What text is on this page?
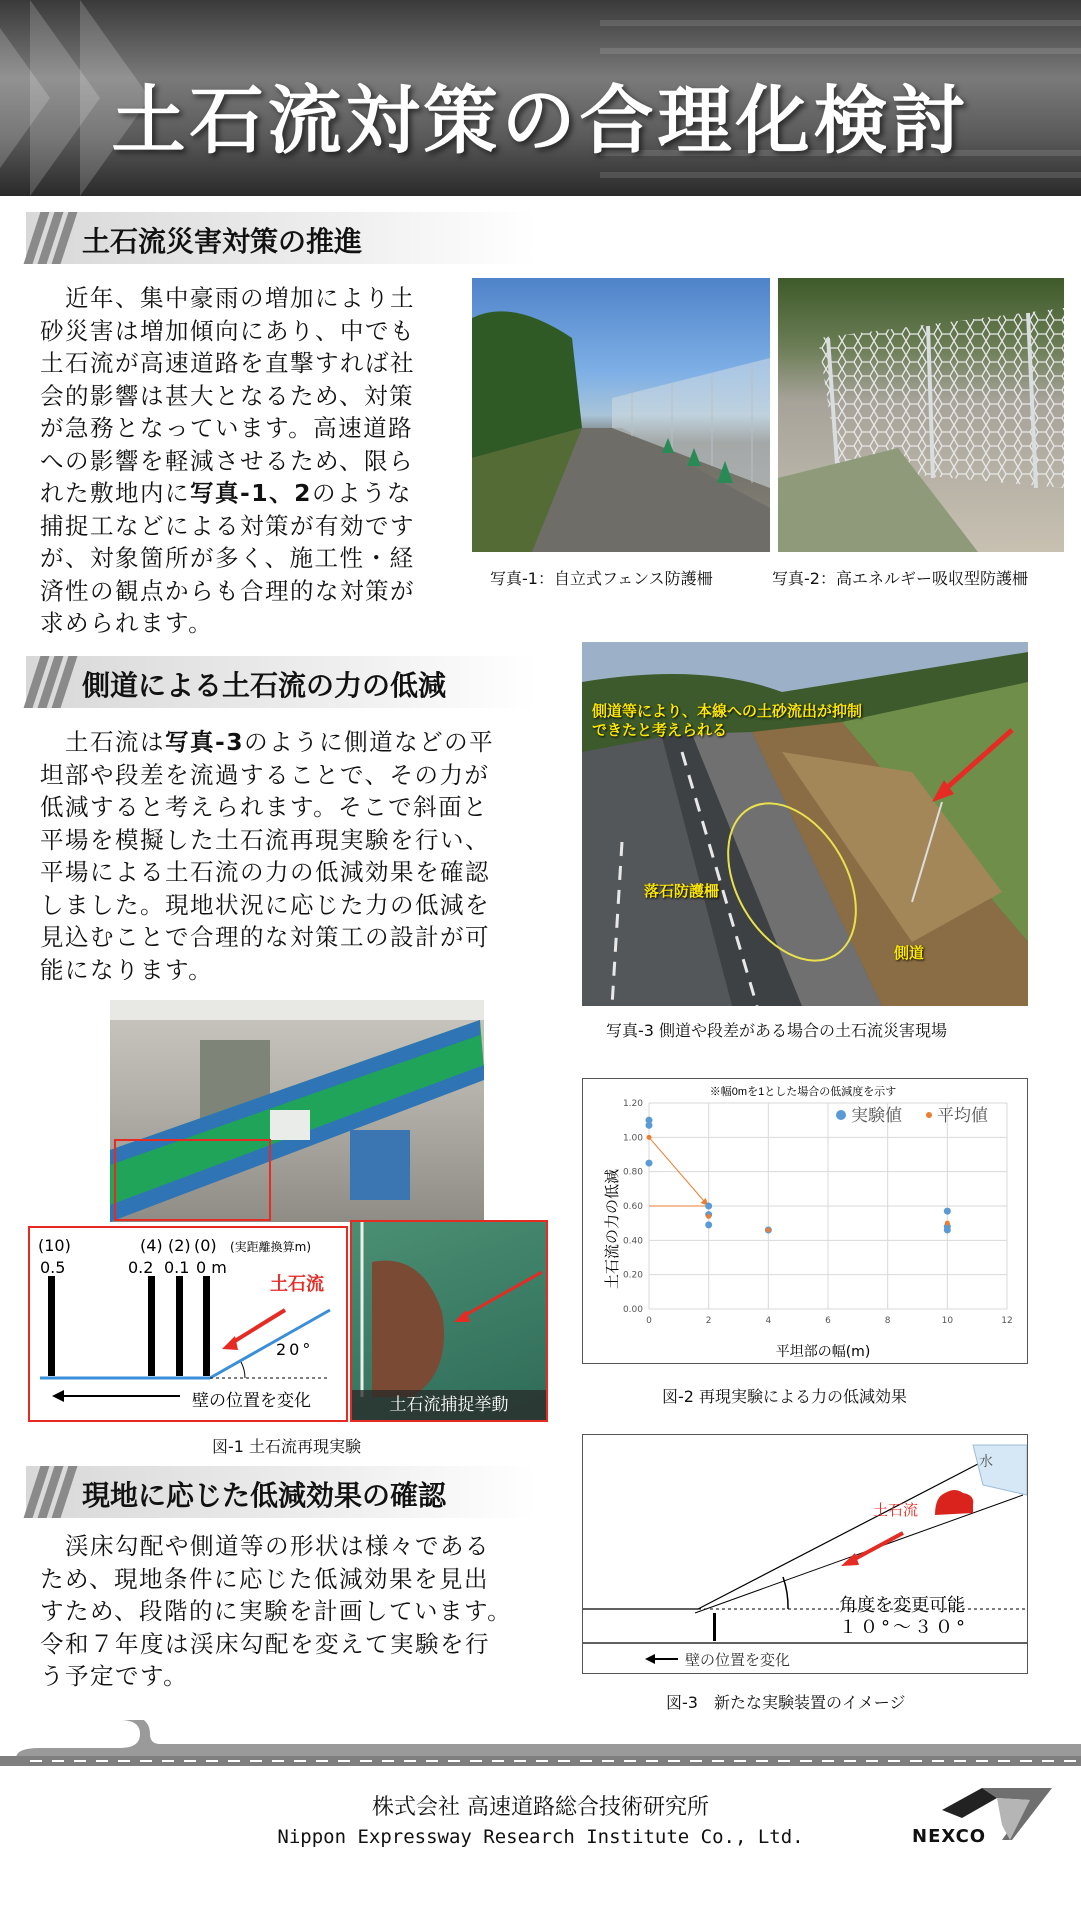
土石流対策の合理化検討
土石流災害対策の推進
　近年、集中豪雨の増加により土
砂災害は増加傾向にあり、中でも
土石流が高速道路を直撃すれば社
会的影響は甚大となるため、対策
が急務となっています。高速道路
への影響を軽減させるため、限ら
れた敷地内に写真-1、2のような
捕捉工などによる対策が有効です
が、対象箇所が多く、施工性・経
済性の観点からも合理的な対策が
求められます。
写真-1：自立式フェンス防護柵	写真-2：高エネルギー吸収型防護柵
側道による土石流の力の低減
　土石流は写真-3のように側道などの平
坦部や段差を流過することで、その力が
低減すると考えられます。そこで斜面と
平場を模擬した土石流再現実験を行い、
平場による土石流の力の低減効果を確認
しました。現地状況に応じた力の低減を
見込むことで合理的な対策工の設計が可
能になります。
側道等により、本線への土砂流出が抑制
できたと考えられる
落石防護柵
側道
写真-3 側道や段差がある場合の土石流災害現場
(10)	(4) (2) (0) (実距離換算m)
0.5	0.2 0.1 0 m
土石流
20°
壁の位置を変化	土石流捕捉挙動
図-1 土石流再現実験
※幅0mを1とした場合の低減度を示す
土石流の力の低減
平坦部の幅(m)
0.00
0.20
0.40
0.60
0.80
1.00
1.20
0	2	4	6	8	10	12
実験値 平均値
図-2 再現実験による力の低減効果
現地に応じた低減効果の確認
　渓床勾配や側道等の形状は様々である
ため、現地条件に応じた低減効果を見出
すため、段階的に実験を計画しています。
令和７年度は渓床勾配を変えて実験を行
う予定です。
水
土石流
角度を変更可能
１０°～３０°
壁の位置を変化
図-3　新たな実験装置のイメージ
株式会社 高速道路総合技術研究所
Nippon Expressway Research Institute Co., Ltd.	NEXCO
